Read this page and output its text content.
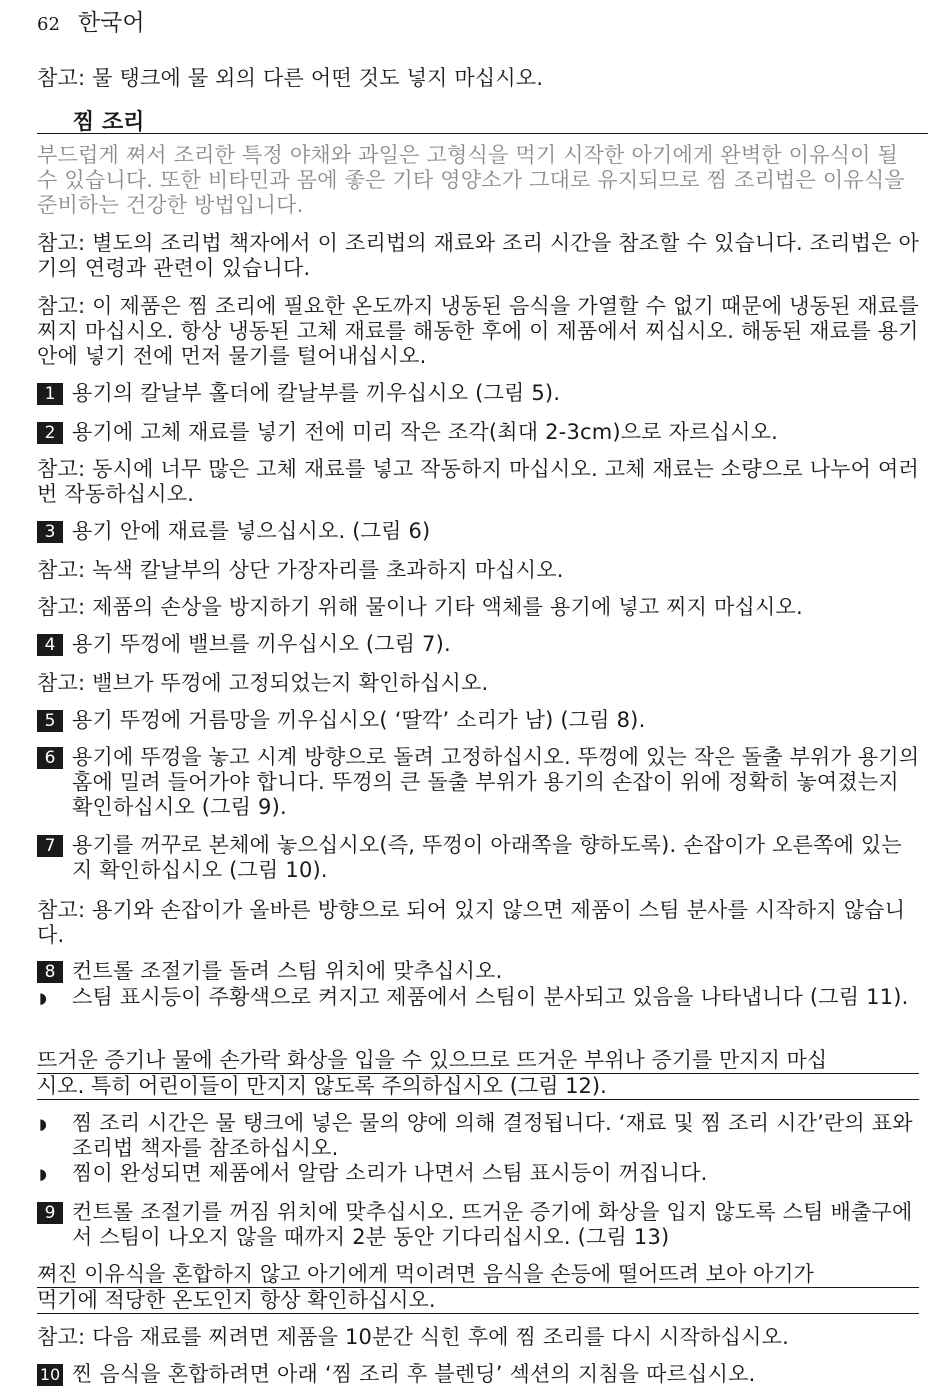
62 한국어

참고: 물 탱크에 물 외의 다른 어떤 것도 넣지 마십시오.

찜 조리

부드럽게 쪄서 조리한 특정 야채와 과일은 고형식을 먹기 시작한 아기에게 완벽한 이유식이 될 수 있습니다. 또한 비타민과 몸에 좋은 기타 영양소가 그대로 유지되므로 찜 조리법은 이유식을 준비하는 건강한 방법입니다.

참고: 별도의 조리법 책자에서 이 조리법의 재료와 조리 시간을 참조할 수 있습니다. 조리법은 아기의 연령과 관련이 있습니다.

참고: 이 제품은 찜 조리에 필요한 온도까지 냉동된 음식을 가열할 수 없기 때문에 냉동된 재료를 찌지 마십시오. 항상 냉동된 고체 재료를 해동한 후에 이 제품에서 찌십시오. 해동된 재료를 용기 안에 넣기 전에 먼저 물기를 털어내십시오.

1 용기의 칼날부 홀더에 칼날부를 끼우십시오 (그림 5).

2 용기에 고체 재료를 넣기 전에 미리 작은 조각(최대 2-3cm)으로 자르십시오.

참고: 동시에 너무 많은 고체 재료를 넣고 작동하지 마십시오. 고체 재료는 소량으로 나누어 여러 번 작동하십시오.

3 용기 안에 재료를 넣으십시오. (그림 6)

참고: 녹색 칼날부의 상단 가장자리를 초과하지 마십시오.

참고: 제품의 손상을 방지하기 위해 물이나 기타 액체를 용기에 넣고 찌지 마십시오.

4 용기 뚜껑에 밸브를 끼우십시오 (그림 7).

참고: 밸브가 뚜껑에 고정되었는지 확인하십시오.

5 용기 뚜껑에 거름망을 끼우십시오( ‘딸깍’ 소리가 남) (그림 8).

6 용기에 뚜껑을 놓고 시계 방향으로 돌려 고정하십시오. 뚜껑에 있는 작은 돌출 부위가 용기의 홈에 밀려 들어가야 합니다. 뚜껑의 큰 돌출 부위가 용기의 손잡이 위에 정확히 놓여졌는지 확인하십시오 (그림 9).

7 용기를 꺼꾸로 본체에 놓으십시오(즉, 뚜껑이 아래쪽을 향하도록). 손잡이가 오른쪽에 있는지 확인하십시오 (그림 10).

참고: 용기와 손잡이가 올바른 방향으로 되어 있지 않으면 제품이 스팀 분사를 시작하지 않습니다.

8 컨트롤 조절기를 돌려 스팀 위치에 맞추십시오.

◗	스팀 표시등이 주황색으로 켜지고 제품에서 스팀이 분사되고 있음을 나타냅니다 (그림 11).

뜨거운 증기나 물에 손가락 화상을 입을 수 있으므로 뜨거운 부위나 증기를 만지지 마십
시오. 특히 어린이들이 만지지 않도록 주의하십시오 (그림 12).
◗	찜 조리 시간은 물 탱크에 넣은 물의 양에 의해 결정됩니다. ‘재료 및 찜 조리 시간’란의 표와 조리법 책자를 참조하십시오.

◗	찜이 완성되면 제품에서 알람 소리가 나면서 스팀 표시등이 꺼집니다.

9 컨트롤 조절기를 꺼짐 위치에 맞추십시오. 뜨거운 증기에 화상을 입지 않도록 스팀 배출구에서 스팀이 나오지 않을 때까지 2분 동안 기다리십시오. (그림 13)

쪄진 이유식을 혼합하지 않고 아기에게 먹이려면 음식을 손등에 떨어뜨려 보아 아기가
먹기에 적당한 온도인지 항상 확인하십시오.

참고: 다음 재료를 찌려면 제품을 10분간 식힌 후에 찜 조리를 다시 시작하십시오.

10 찐 음식을 혼합하려면 아래 ‘찜 조리 후 블렌딩’ 섹션의 지침을 따르십시오.
